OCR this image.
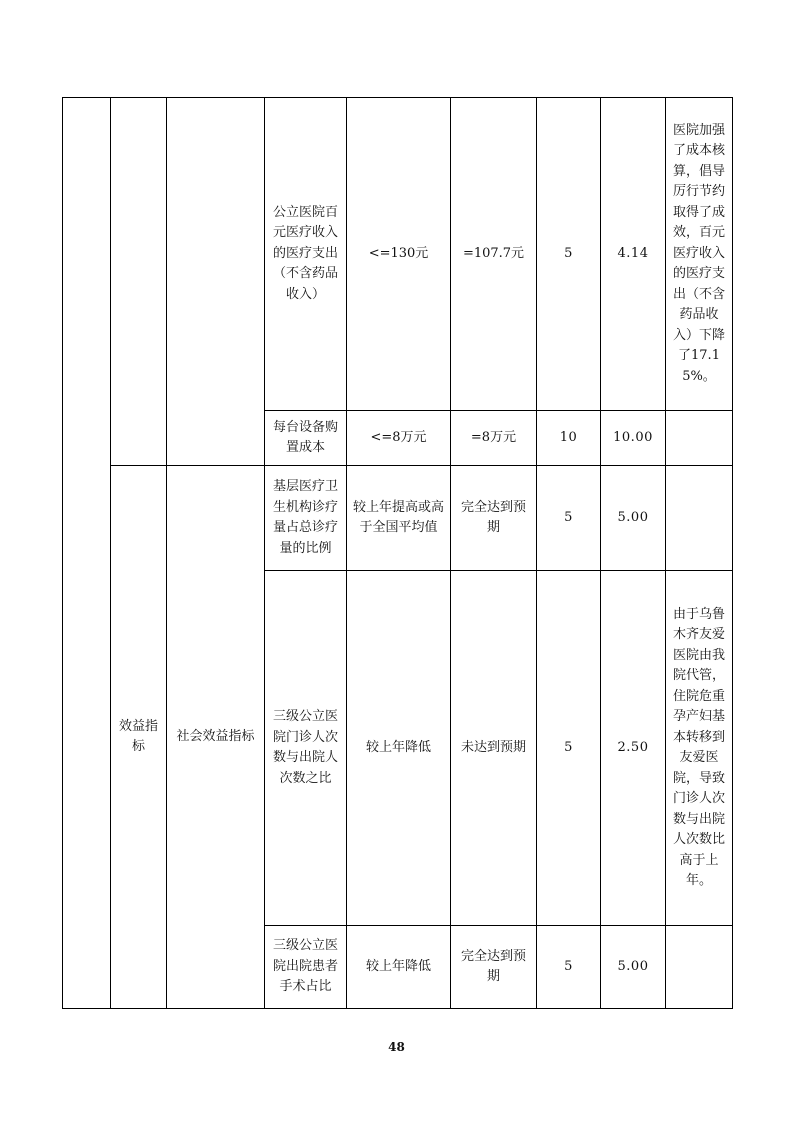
			公立医院百元医疗收入的医疗支出（不含药品收入）	<=130元	=107.7元	5	4.14	医院加强了成本核算，倡导厉行节约取得了成效，百元医疗收入的医疗支出（不含药品收入）下降了17.15%。
			每台设备购置成本	<=8万元	=8万元	10	10.00	
	效益指标	社会效益指标	基层医疗卫生机构诊疗量占总诊疗量的比例	较上年提高或高于全国平均值	完全达到预期	5	5.00	
			三级公立医院门诊人次数与出院人次数之比	较上年降低	未达到预期	5	2.50	由于乌鲁木齐友爱医院由我院代管，住院危重孕产妇基本转移到友爱医院，导致门诊人次数与出院人次数比高于上年。
			三级公立医院出院患者手术占比	较上年降低	完全达到预期	5	5.00	
48
